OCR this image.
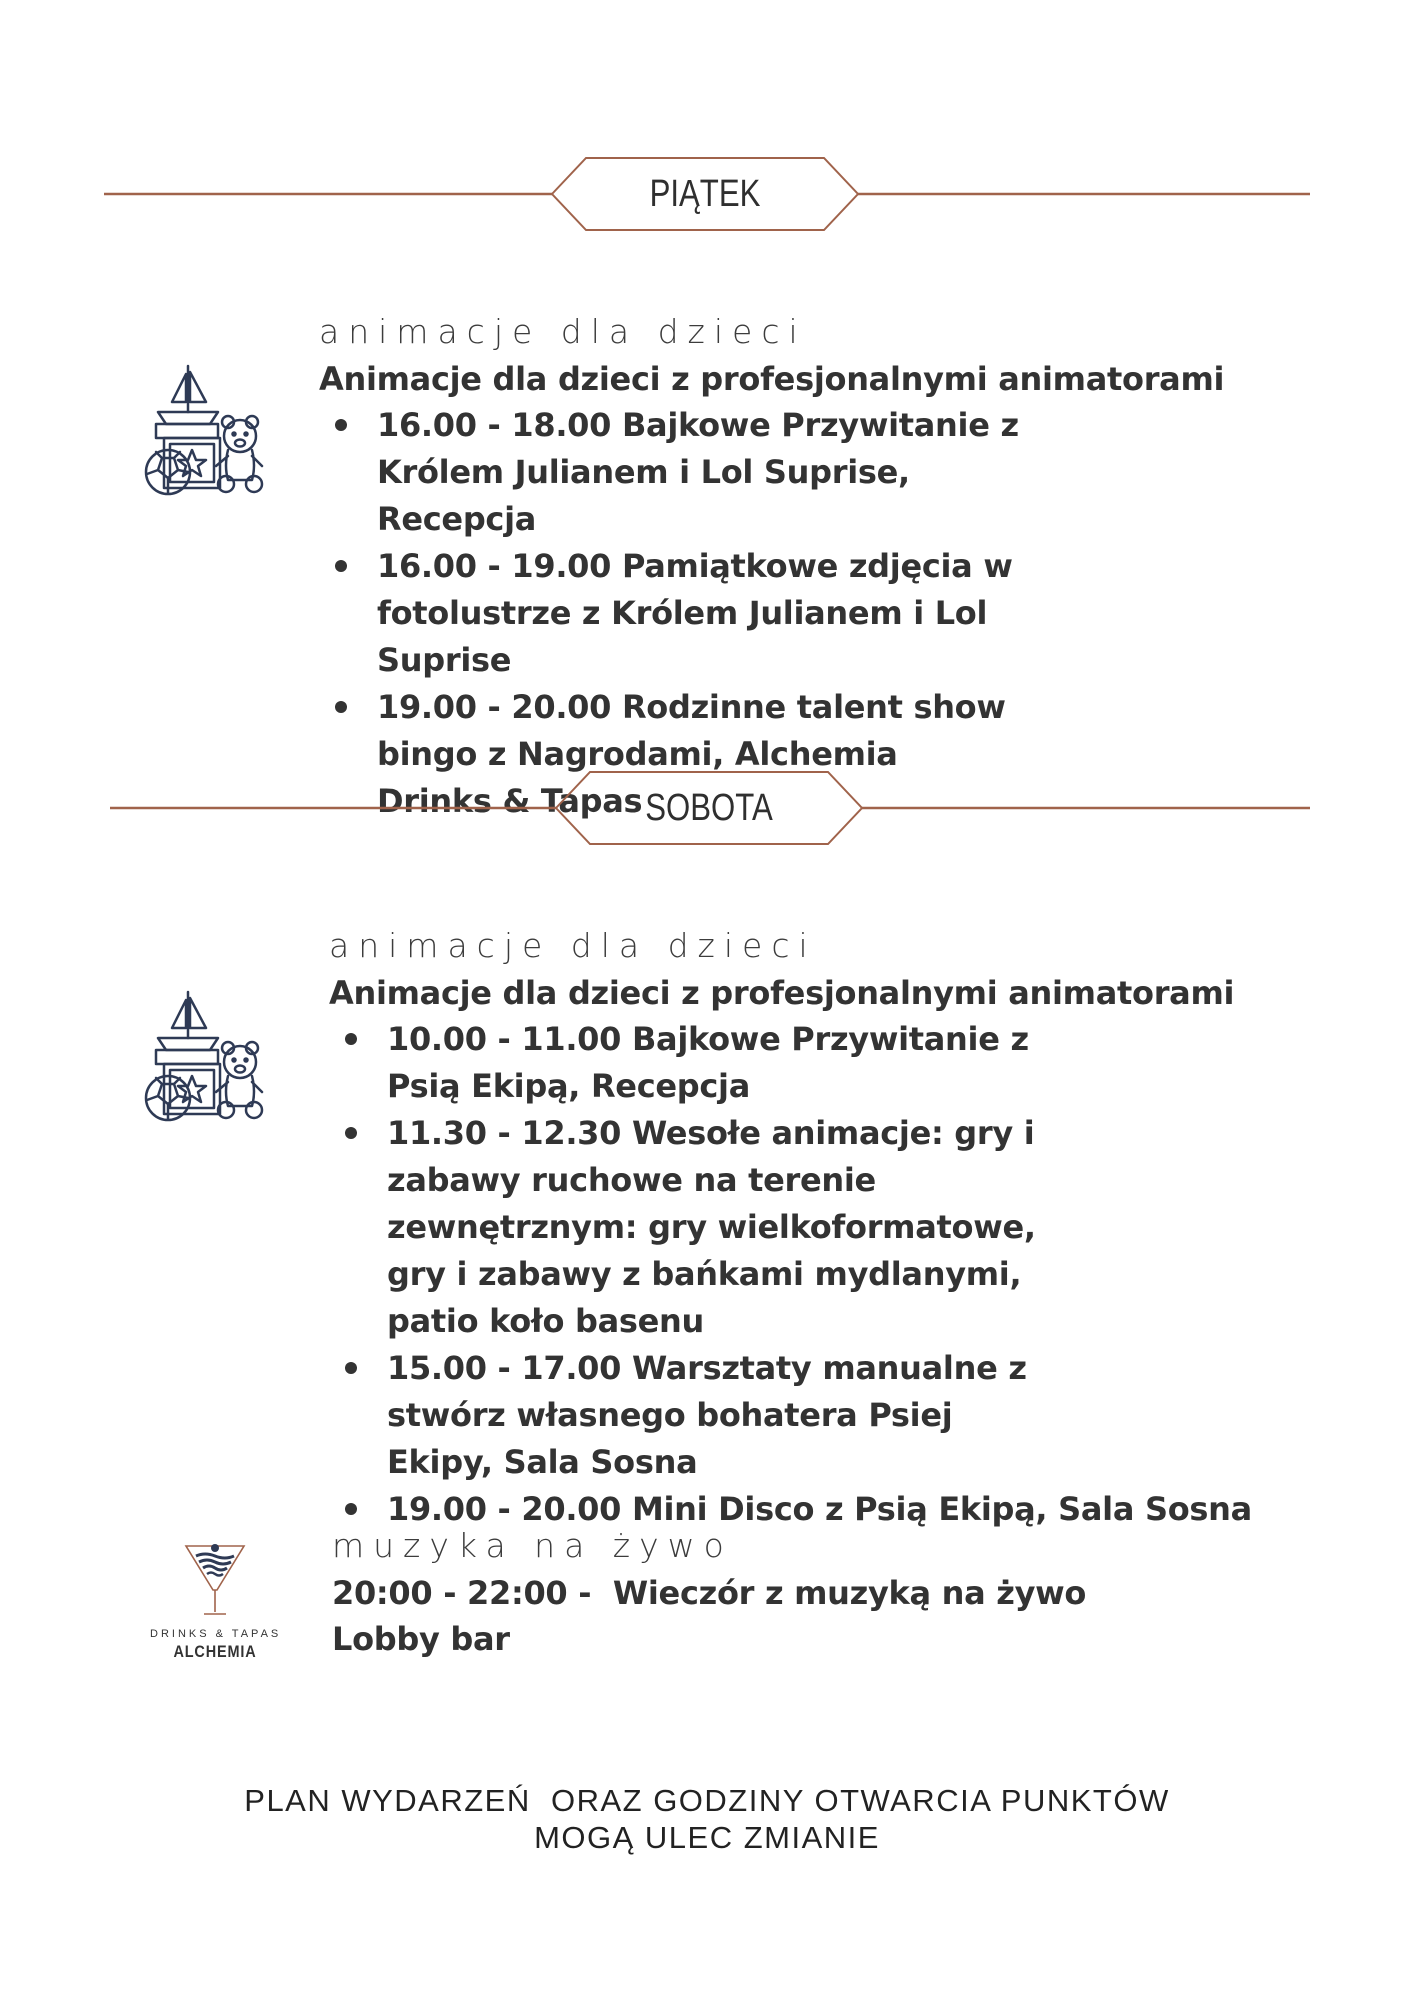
PIĄTEK
animacje dla dzieci
Animacje dla dzieci z profesjonalnymi animatorami
16.00 - 18.00 Bajkowe Przywitanie z Królem Julianem i Lol Suprise, Recepcja
16.00 - 19.00 Pamiątkowe zdjęcia w fotolustrze z Królem Julianem i Lol Suprise
19.00 - 20.00 Rodzinne talent show bingo z Nagrodami, Alchemia Drinks & Tapas SOBOTA
animacje dla dzieci
Animacje dla dzieci z profesjonalnymi animatorami
10.00 - 11.00 Bajkowe Przywitanie z Psią Ekipą, Recepcja
11.30 - 12.30 Wesołe animacje: gry i zabawy ruchowe na terenie zewnętrznym: gry wielkoformatowe, gry i zabawy z bańkami mydlanymi, patio koło basenu
15.00 - 17.00 Warsztaty manualne z stwórz własnego bohatera Psiej Ekipy, Sala Sosna
19.00 - 20.00 Mini Disco z Psią Ekipą, Sala Sosna
DRINKS & TAPAS
ALCHEMIA
muzyka na żywo
20:00 - 22:00 -  Wieczór z muzyką na żywo
Lobby bar
PLAN WYDARZEŃ  ORAZ GODZINY OTWARCIA PUNKTÓW
MOGĄ ULEC ZMIANIE
